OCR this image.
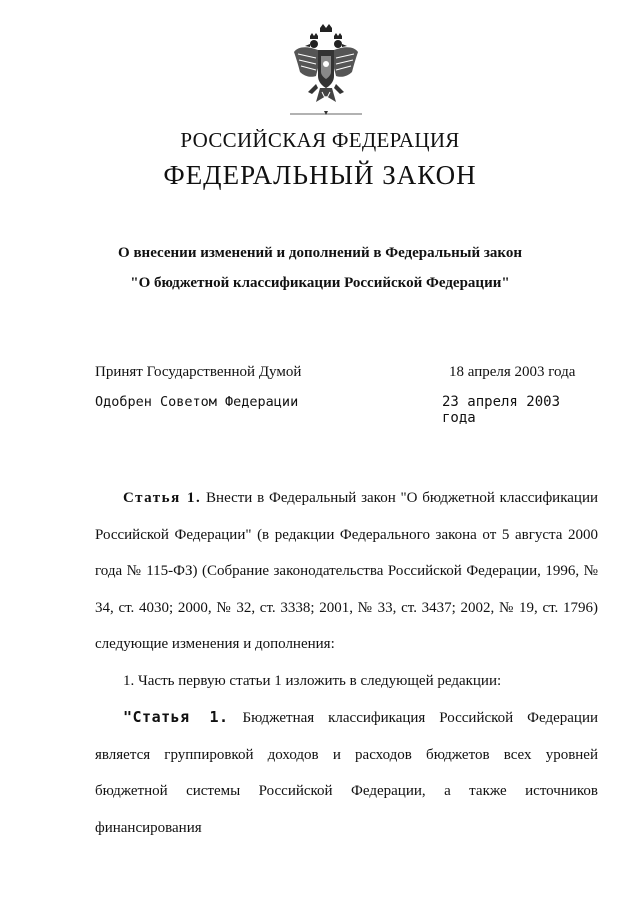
РОССИЙСКАЯ ФЕДЕРАЦИЯ
ФЕДЕРАЛЬНЫЙ ЗАКОН
О внесении изменений и дополнений в Федеральный закон
"О бюджетной классификации Российской Федерации"
Принят Государственной Думой	18 апреля 2003 года
Одобрен Советом Федерации	23 апреля 2003 года

Статья 1. Внести в Федеральный закон "О бюджетной классификации Российской Федерации" (в редакции Федерального закона от 5 августа 2000 года № 115-ФЗ) (Собрание законодательства Российской Федерации, 1996, № 34, ст. 4030; 2000, № 32, ст. 3338; 2001, № 33, ст. 3437; 2002, № 19, ст. 1796) следующие изменения и дополнения:

1. Часть первую статьи 1 изложить в следующей редакции:

"Статья 1. Бюджетная классификация Российской Федерации является группировкой доходов и расходов бюджетов всех уровней бюджетной системы Российской Федерации, а также источников финансирования
